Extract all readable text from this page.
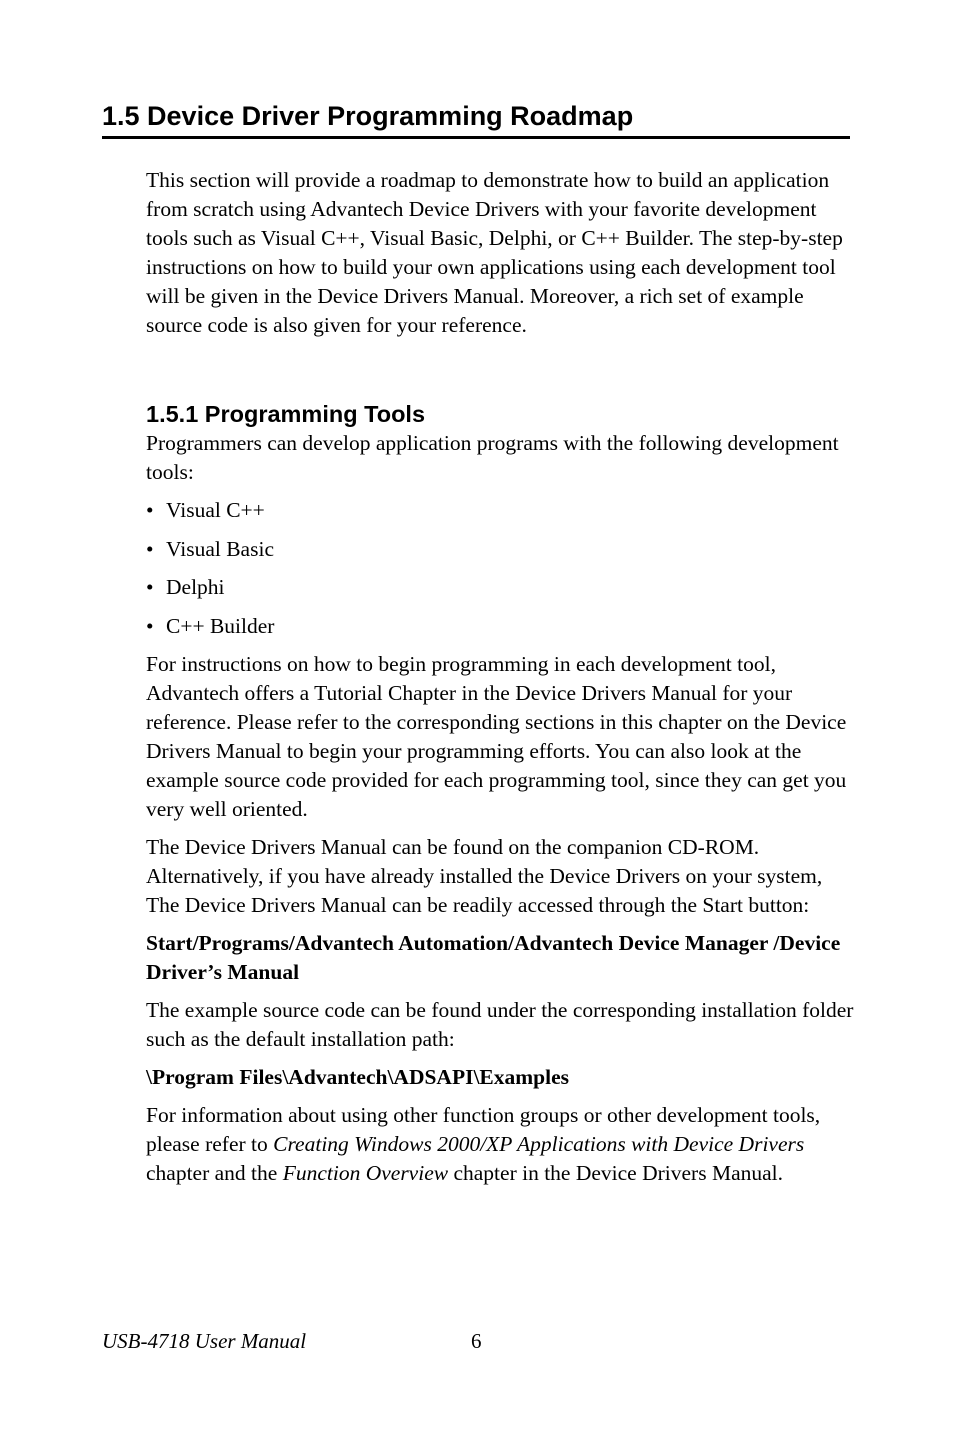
1.5 Device Driver Programming Roadmap

This section will provide a roadmap to demonstrate how to build an application from scratch using Advantech Device Drivers with your favorite development tools such as Visual C++, Visual Basic, Delphi, or C++ Builder. The step-by-step instructions on how to build your own applications using each development tool will be given in the Device Drivers Manual. Moreover, a rich set of example source code is also given for your reference.

1.5.1 Programming Tools

Programmers can develop application programs with the following development tools:

• Visual C++
• Visual Basic
• Delphi
• C++ Builder

For instructions on how to begin programming in each development tool, Advantech offers a Tutorial Chapter in the Device Drivers Manual for your reference. Please refer to the corresponding sections in this chapter on the Device Drivers Manual to begin your programming efforts. You can also look at the example source code provided for each programming tool, since they can get you very well oriented.

The Device Drivers Manual can be found on the companion CD-ROM. Alternatively, if you have already installed the Device Drivers on your system, The Device Drivers Manual can be readily accessed through the Start button:

Start/Programs/Advantech Automation/Advantech Device Manager /Device Driver’s Manual

The example source code can be found under the corresponding installation folder such as the default installation path:

\Program Files\Advantech\ADSAPI\Examples

For information about using other function groups or other development tools, please refer to Creating Windows 2000/XP Applications with Device Drivers chapter and the Function Overview chapter in the Device Drivers Manual.

USB-4718 User Manual	6
